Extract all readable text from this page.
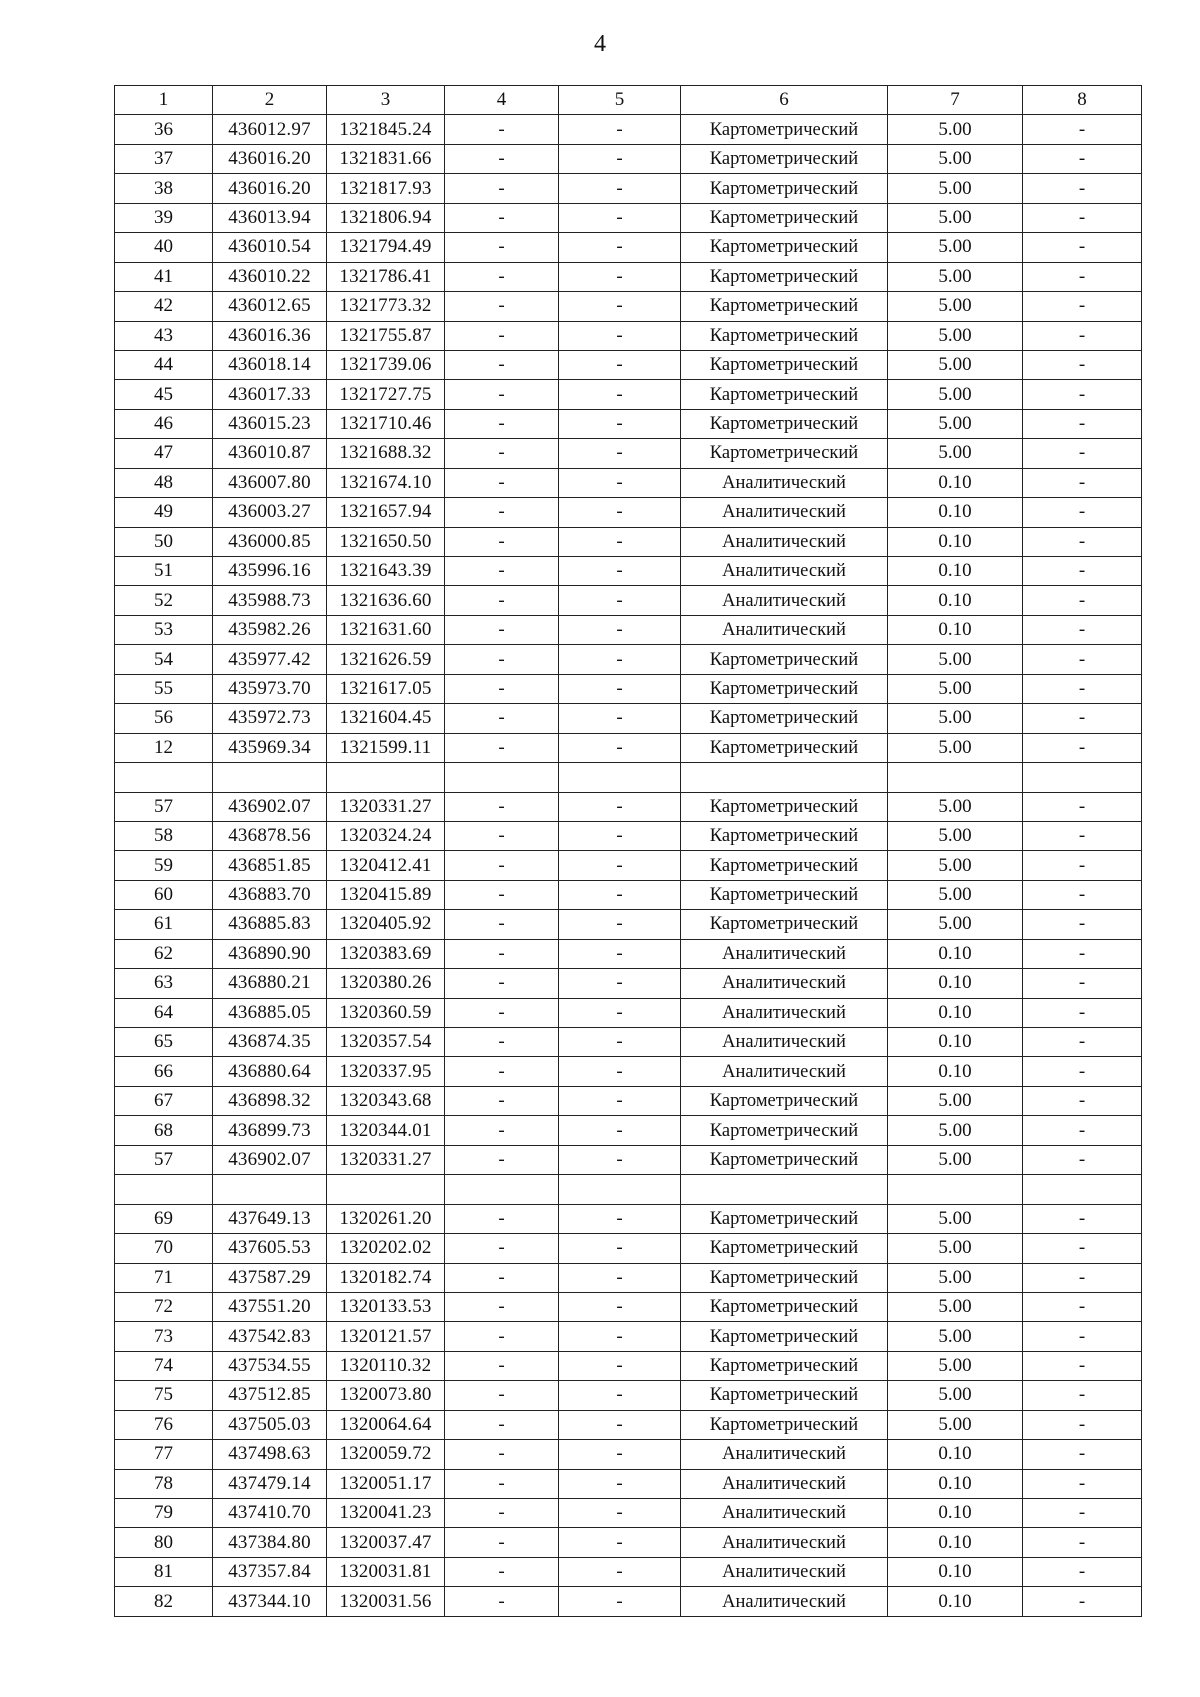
4
1	2	3	4	5	6	7	8
36	436012.97	1321845.24	-	-	Картометрический	5.00	-
37	436016.20	1321831.66	-	-	Картометрический	5.00	-
38	436016.20	1321817.93	-	-	Картометрический	5.00	-
39	436013.94	1321806.94	-	-	Картометрический	5.00	-
40	436010.54	1321794.49	-	-	Картометрический	5.00	-
41	436010.22	1321786.41	-	-	Картометрический	5.00	-
42	436012.65	1321773.32	-	-	Картометрический	5.00	-
43	436016.36	1321755.87	-	-	Картометрический	5.00	-
44	436018.14	1321739.06	-	-	Картометрический	5.00	-
45	436017.33	1321727.75	-	-	Картометрический	5.00	-
46	436015.23	1321710.46	-	-	Картометрический	5.00	-
47	436010.87	1321688.32	-	-	Картометрический	5.00	-
48	436007.80	1321674.10	-	-	Аналитический	0.10	-
49	436003.27	1321657.94	-	-	Аналитический	0.10	-
50	436000.85	1321650.50	-	-	Аналитический	0.10	-
51	435996.16	1321643.39	-	-	Аналитический	0.10	-
52	435988.73	1321636.60	-	-	Аналитический	0.10	-
53	435982.26	1321631.60	-	-	Аналитический	0.10	-
54	435977.42	1321626.59	-	-	Картометрический	5.00	-
55	435973.70	1321617.05	-	-	Картометрический	5.00	-
56	435972.73	1321604.45	-	-	Картометрический	5.00	-
12	435969.34	1321599.11	-	-	Картометрический	5.00	-

57	436902.07	1320331.27	-	-	Картометрический	5.00	-
58	436878.56	1320324.24	-	-	Картометрический	5.00	-
59	436851.85	1320412.41	-	-	Картометрический	5.00	-
60	436883.70	1320415.89	-	-	Картометрический	5.00	-
61	436885.83	1320405.92	-	-	Картометрический	5.00	-
62	436890.90	1320383.69	-	-	Аналитический	0.10	-
63	436880.21	1320380.26	-	-	Аналитический	0.10	-
64	436885.05	1320360.59	-	-	Аналитический	0.10	-
65	436874.35	1320357.54	-	-	Аналитический	0.10	-
66	436880.64	1320337.95	-	-	Аналитический	0.10	-
67	436898.32	1320343.68	-	-	Картометрический	5.00	-
68	436899.73	1320344.01	-	-	Картометрический	5.00	-
57	436902.07	1320331.27	-	-	Картометрический	5.00	-

69	437649.13	1320261.20	-	-	Картометрический	5.00	-
70	437605.53	1320202.02	-	-	Картометрический	5.00	-
71	437587.29	1320182.74	-	-	Картометрический	5.00	-
72	437551.20	1320133.53	-	-	Картометрический	5.00	-
73	437542.83	1320121.57	-	-	Картометрический	5.00	-
74	437534.55	1320110.32	-	-	Картометрический	5.00	-
75	437512.85	1320073.80	-	-	Картометрический	5.00	-
76	437505.03	1320064.64	-	-	Картометрический	5.00	-
77	437498.63	1320059.72	-	-	Аналитический	0.10	-
78	437479.14	1320051.17	-	-	Аналитический	0.10	-
79	437410.70	1320041.23	-	-	Аналитический	0.10	-
80	437384.80	1320037.47	-	-	Аналитический	0.10	-
81	437357.84	1320031.81	-	-	Аналитический	0.10	-
82	437344.10	1320031.56	-	-	Аналитический	0.10	-
